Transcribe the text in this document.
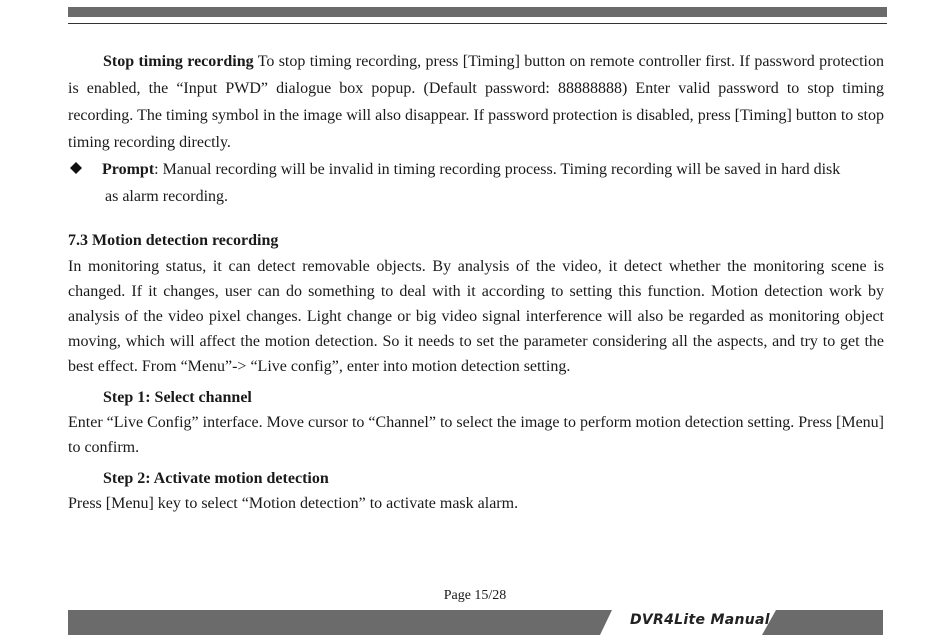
Stop timing recording To stop timing recording, press [Timing] button on remote controller first. If password protection is enabled, the “Input PWD” dialogue box popup. (Default password: 88888888) Enter valid password to stop timing recording. The timing symbol in the image will also disappear. If password protection is disabled, press [Timing] button to stop timing recording directly.

Prompt: Manual recording will be invalid in timing recording process. Timing recording will be saved in hard disk
as alarm recording.

7.3 Motion detection recording

In monitoring status, it can detect removable objects. By analysis of the video, it detect whether the monitoring scene is changed. If it changes, user can do something to deal with it according to setting this function. Motion detection work by analysis of the video pixel changes. Light change or big video signal interference will also be regarded as monitoring object moving, which will affect the motion detection. So it needs to set the parameter considering all the aspects, and try to get the best effect. From “Menu”-> “Live config”, enter into motion detection setting.

Step 1: Select channel

Enter “Live Config” interface. Move cursor to “Channel” to select the image to perform motion detection setting. Press [Menu] to confirm.

Step 2: Activate motion detection

Press [Menu] key to select “Motion detection” to activate mask alarm.

Page 15/28
DVR4Lite Manual
